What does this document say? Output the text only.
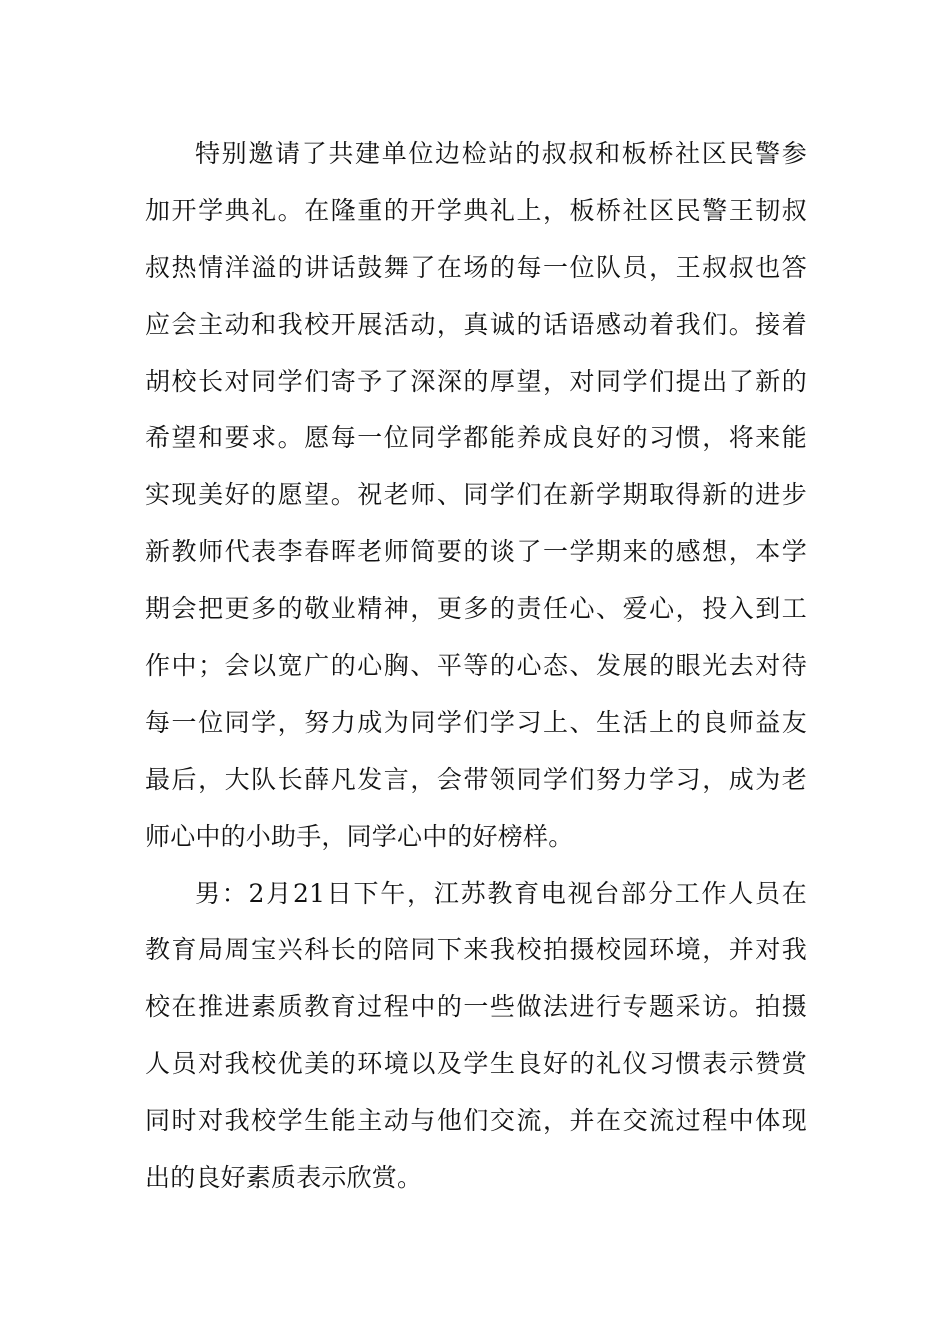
特别邀请了共建单位边检站的叔叔和板桥社区民警参
加开学典礼。在隆重的开学典礼上，板桥社区民警王韧叔
叔热情洋溢的讲话鼓舞了在场的每一位队员，王叔叔也答
应会主动和我校开展活动，真诚的话语感动着我们。接着
胡校长对同学们寄予了深深的厚望，对同学们提出了新的
希望和要求。愿每一位同学都能养成良好的习惯，将来能
实现美好的愿望。祝老师、同学们在新学期取得新的进步
新教师代表李春晖老师简要的谈了一学期来的感想，本学
期会把更多的敬业精神，更多的责任心、爱心，投入到工
作中；会以宽广的心胸、平等的心态、发展的眼光去对待
每一位同学，努力成为同学们学习上、生活上的良师益友
最后，大队长薛凡发言，会带领同学们努力学习，成为老
师心中的小助手，同学心中的好榜样。
男：2月21日下午，江苏教育电视台部分工作人员在
教育局周宝兴科长的陪同下来我校拍摄校园环境，并对我
校在推进素质教育过程中的一些做法进行专题采访。拍摄
人员对我校优美的环境以及学生良好的礼仪习惯表示赞赏
同时对我校学生能主动与他们交流，并在交流过程中体现
出的良好素质表示欣赏。
